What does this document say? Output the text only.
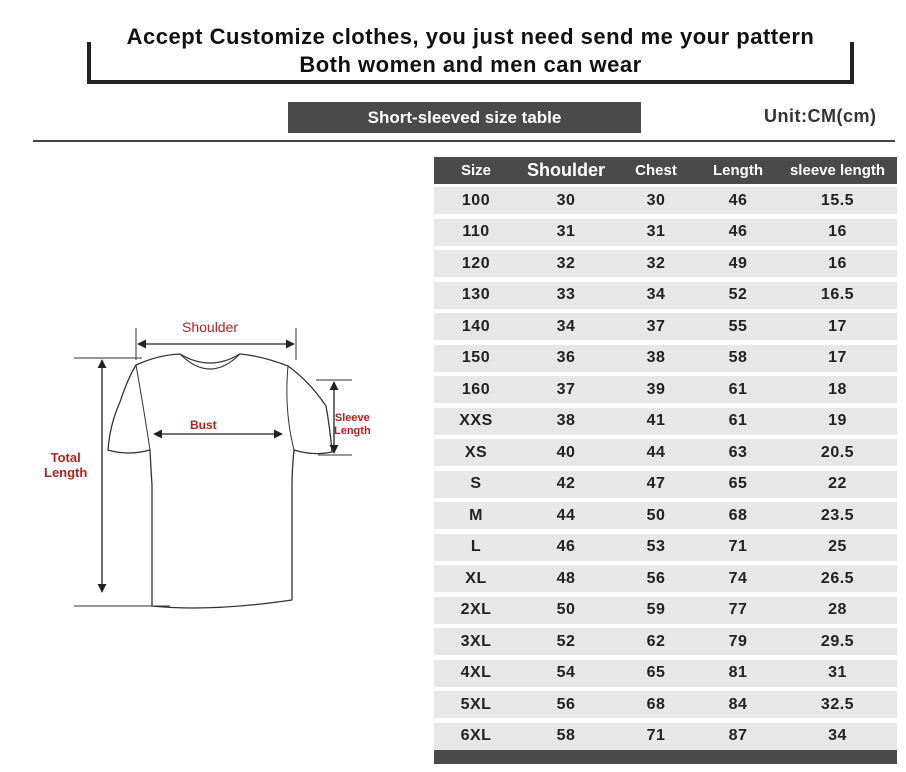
Accept Customize clothes, you just need send me your pattern
Both women and men can wear
Short-sleeved size table	Unit:CM(cm)
Shoulder
Bust	Sleeve
Length
Total
Length
Size	Shoulder	Chest	Length	sleeve length
100	30	30	46	15.5
110	31	31	46	16
120	32	32	49	16
130	33	34	52	16.5
140	34	37	55	17
150	36	38	58	17
160	37	39	61	18
XXS	38	41	61	19
XS	40	44	63	20.5
S	42	47	65	22
M	44	50	68	23.5
L	46	53	71	25
XL	48	56	74	26.5
2XL	50	59	77	28
3XL	52	62	79	29.5
4XL	54	65	81	31
5XL	56	68	84	32.5
6XL	58	71	87	34
